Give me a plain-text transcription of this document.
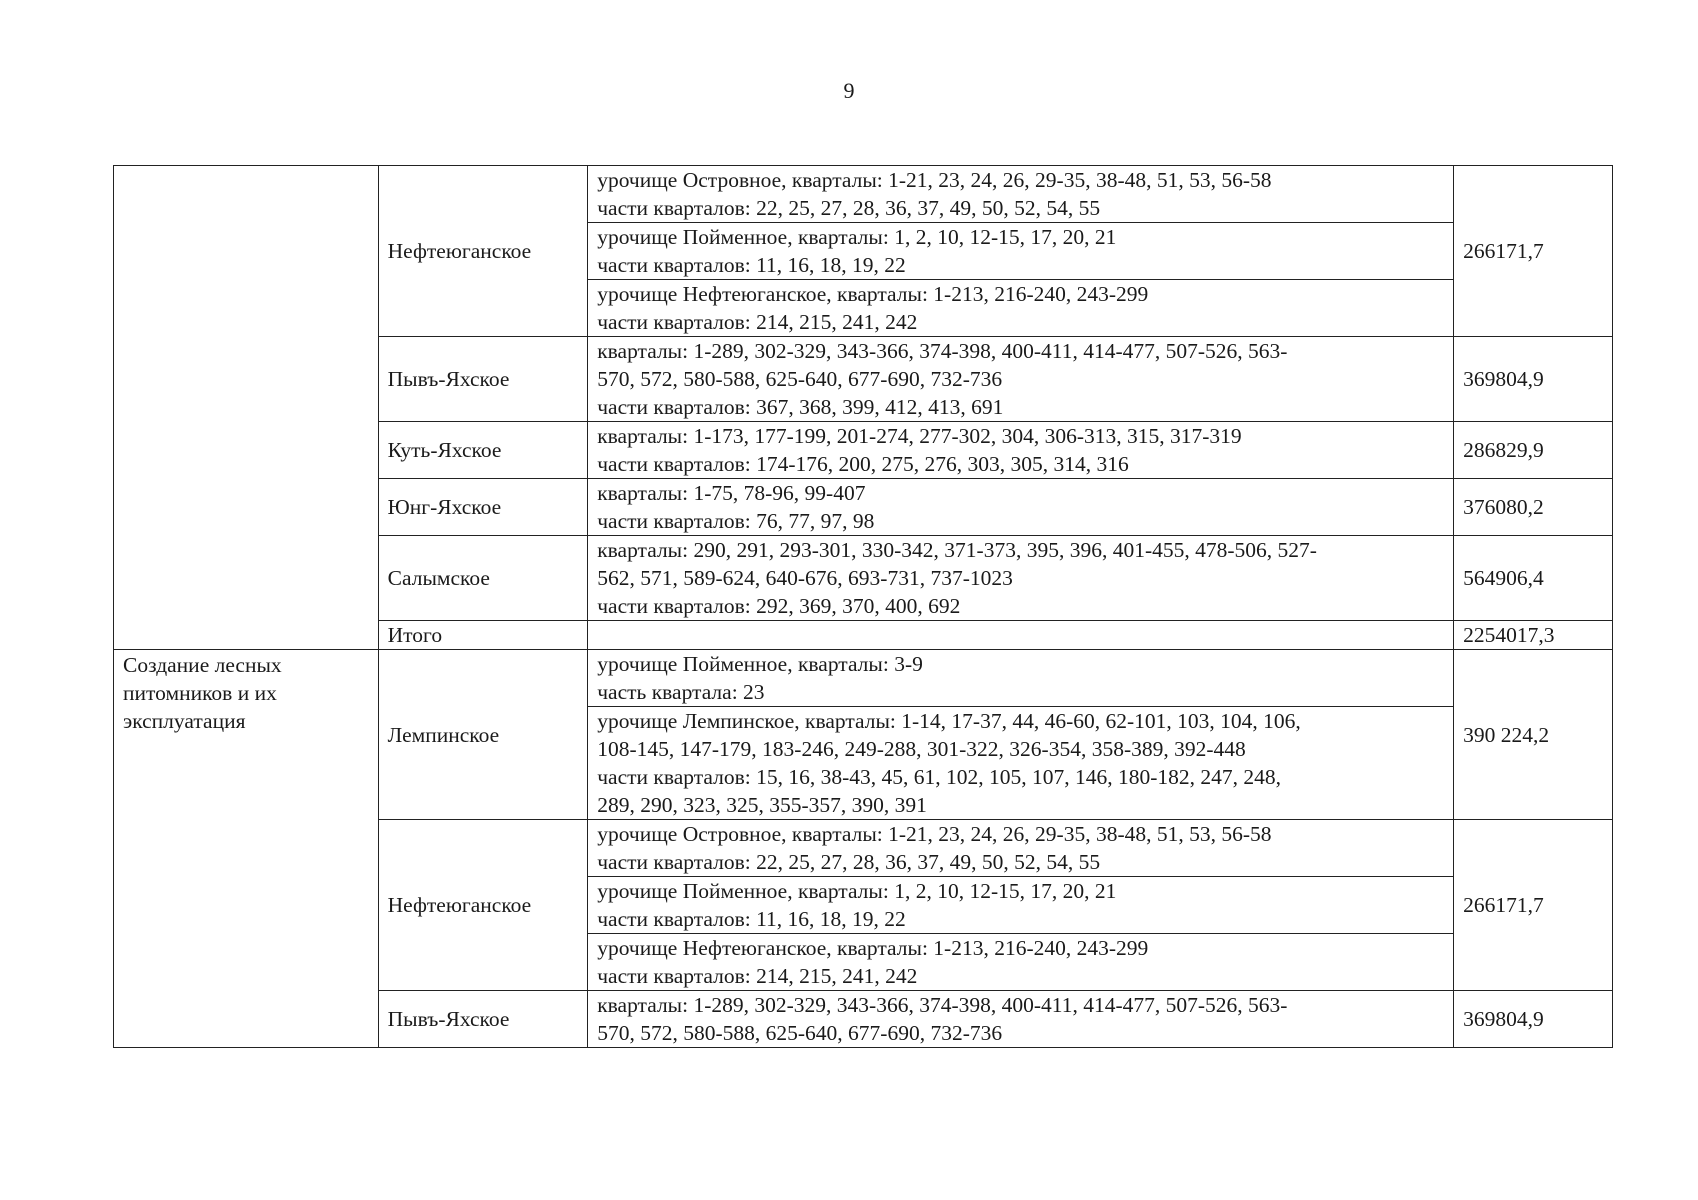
9
	Нефтеюганское	урочище Островное, кварталы: 1-21, 23, 24, 26, 29-35, 38-48, 51, 53, 56-58
части кварталов: 22, 25, 27, 28, 36, 37, 49, 50, 52, 54, 55	266171,7

		урочище Пойменное, кварталы: 1, 2, 10, 12-15, 17, 20, 21
части кварталов: 11, 16, 18, 19, 22	

		урочище Нефтеюганское, кварталы: 1-213, 216-240, 243-299
части кварталов: 214, 215, 241, 242	

	Пывъ-Яхское	кварталы: 1-289, 302-329, 343-366, 374-398, 400-411, 414-477, 507-526, 563-
570, 572, 580-588, 625-640, 677-690, 732-736
части кварталов: 367, 368, 399, 412, 413, 691	369804,9
	Куть-Яхское	кварталы: 1-173, 177-199, 201-274, 277-302, 304, 306-313, 315, 317-319
части кварталов: 174-176, 200, 275, 276, 303, 305, 314, 316	286829,9
	Юнг-Яхское	кварталы: 1-75, 78-96, 99-407
части кварталов: 76, 77, 97, 98	376080,2
	Салымское	кварталы: 290, 291, 293-301, 330-342, 371-373, 395, 396, 401-455, 478-506, 527-
562, 571, 589-624, 640-676, 693-731, 737-1023
части кварталов: 292, 369, 370, 400, 692	564906,4
	Итого		2254017,3

Создание лесных
питомников и их
эксплуатация	Лемпинское	урочище Пойменное, кварталы: 3-9
часть квартала: 23	390 224,2

		урочище Лемпинское, кварталы: 1-14, 17-37, 44, 46-60, 62-101, 103, 104, 106,
108-145, 147-179, 183-246, 249-288, 301-322, 326-354, 358-389, 392-448
части кварталов: 15, 16, 38-43, 45, 61, 102, 105, 107, 146, 180-182, 247, 248,
289, 290, 323, 325, 355-357, 390, 391	

	Нефтеюганское	урочище Островное, кварталы: 1-21, 23, 24, 26, 29-35, 38-48, 51, 53, 56-58
части кварталов: 22, 25, 27, 28, 36, 37, 49, 50, 52, 54, 55	266171,7

		урочище Пойменное, кварталы: 1, 2, 10, 12-15, 17, 20, 21
части кварталов: 11, 16, 18, 19, 22	

		урочище Нефтеюганское, кварталы: 1-213, 216-240, 243-299
части кварталов: 214, 215, 241, 242	

	Пывъ-Яхское	кварталы: 1-289, 302-329, 343-366, 374-398, 400-411, 414-477, 507-526, 563-
570, 572, 580-588, 625-640, 677-690, 732-736	369804,9
